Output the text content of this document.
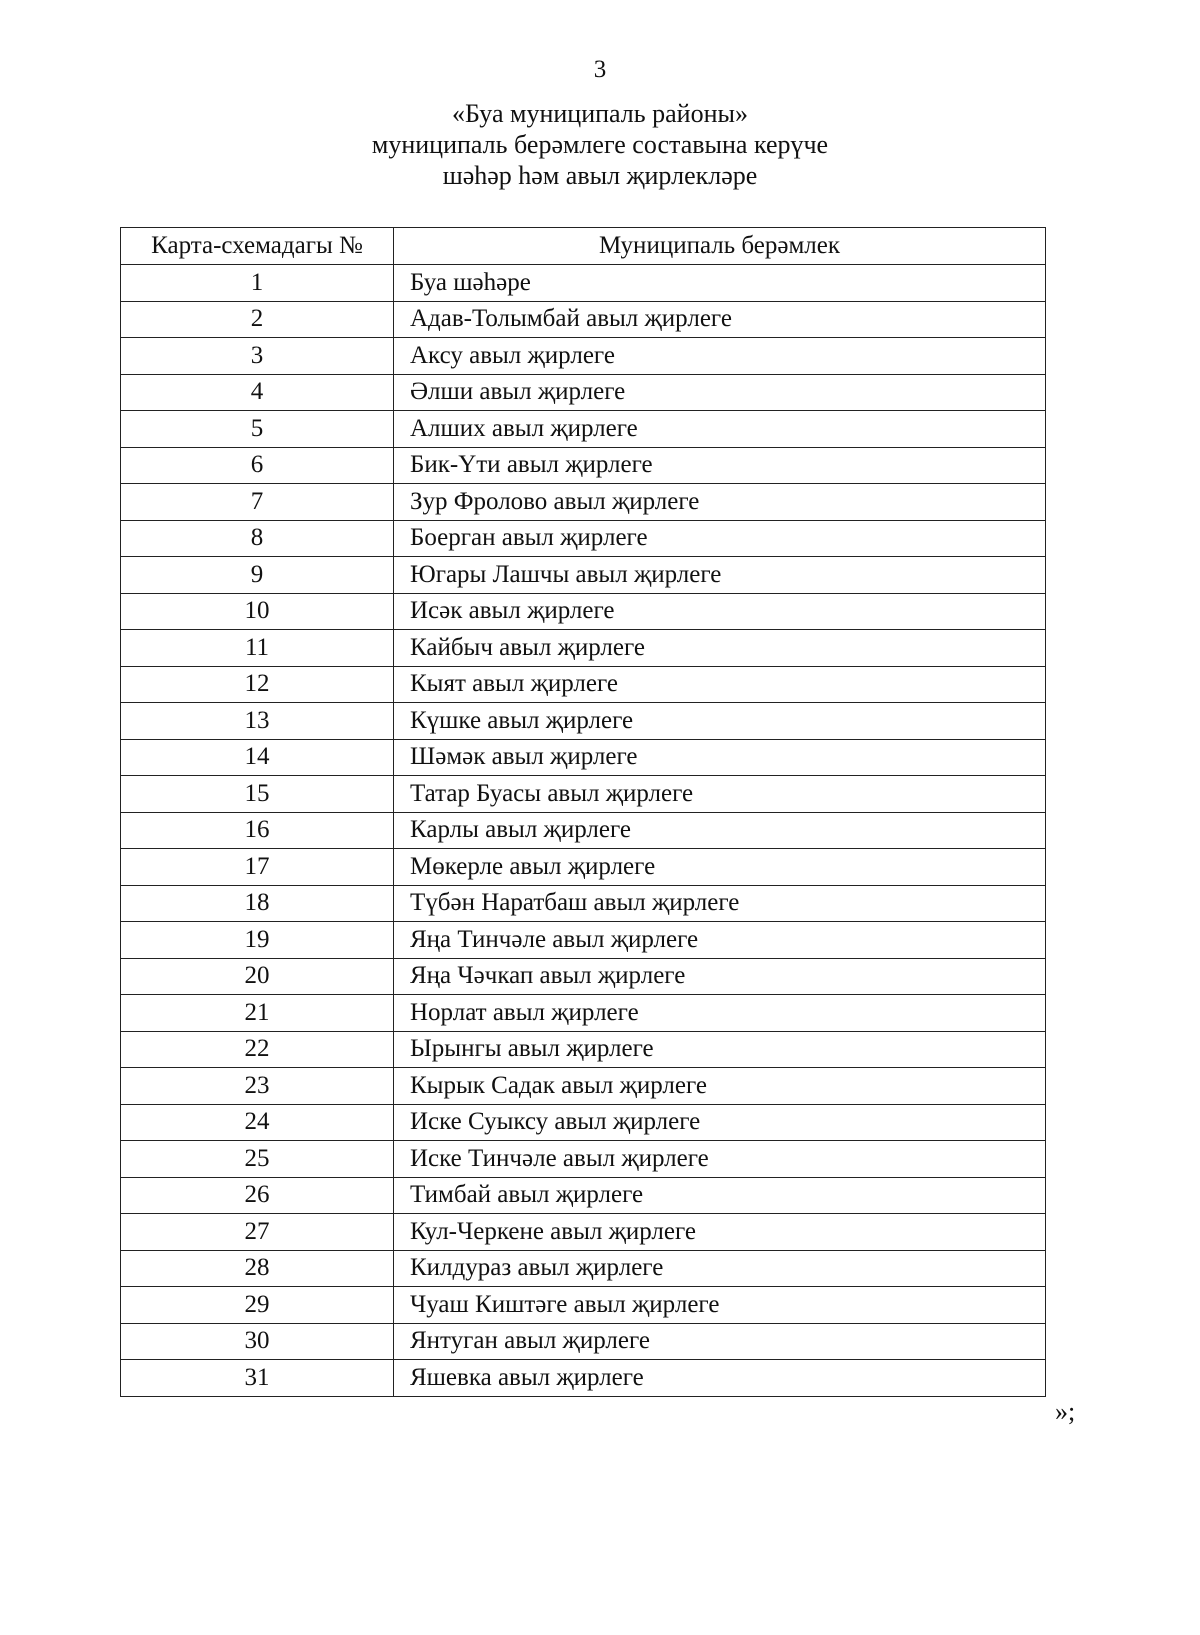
3
«Буа муниципаль районы»
муниципаль берәмлеге составына керүче
шәһәр һәм авыл җирлекләре
Карта-схемадагы №	Муниципаль берәмлек
1	Буа шәһәре
2	Адав-Толымбай авыл җирлеге
3	Аксу авыл җирлеге
4	Әлши авыл җирлеге
5	Алших авыл җирлеге
6	Бик-Үти авыл җирлеге
7	Зур Фролово авыл җирлеге
8	Боерган авыл җирлеге
9	Югары Лашчы авыл җирлеге
10	Исәк авыл җирлеге
11	Кайбыч авыл җирлеге
12	Кыят авыл җирлеге
13	Күшке авыл җирлеге
14	Шәмәк авыл җирлеге
15	Татар Буасы авыл җирлеге
16	Карлы авыл җирлеге
17	Мөкерле авыл җирлеге
18	Түбән Наратбаш авыл җирлеге
19	Яңа Тинчәле авыл җирлеге
20	Яңа Чәчкап авыл җирлеге
21	Норлат авыл җирлеге
22	Ырынгы авыл җирлеге
23	Кырык Садак авыл җирлеге
24	Иске Суыксу авыл җирлеге
25	Иске Тинчәле авыл җирлеге
26	Тимбай авыл җирлеге
27	Кул-Черкене авыл җирлеге
28	Килдураз авыл җирлеге
29	Чуаш Киштәге авыл җирлеге
30	Янтуган авыл җирлеге
31	Яшевка авыл җирлеге
»;
